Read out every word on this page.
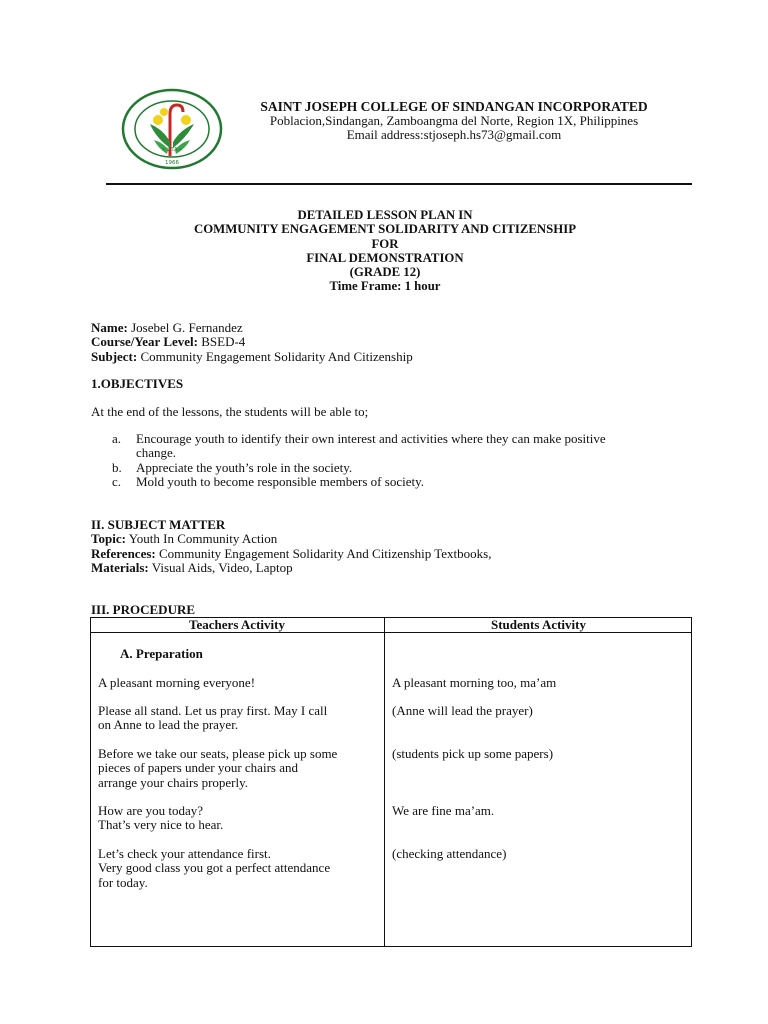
• VITA •
1966
SAINT JOSEPH COLLEGE OF SINDANGAN INCORPORATED
Poblacion,Sindangan, Zamboangma del Norte, Region 1X, Philippines
Email address:stjoseph.hs73@gmail.com
DETAILED LESSON PLAN IN
COMMUNITY ENGAGEMENT SOLIDARITY AND CITIZENSHIP
FOR
FINAL DEMONSTRATION
(GRADE 12)
Time Frame: 1 hour
Name: Josebel G. Fernandez
Course/Year Level: BSED-4
Subject: Community Engagement Solidarity And Citizenship
1.OBJECTIVES
At the end of the lessons, the students will be able to;
a. Encourage youth to identify their own interest and activities where they can make positive change.
b. Appreciate the youth’s role in the society.
c. Mold youth to become responsible members of society.
II. SUBJECT MATTER
Topic: Youth In Community Action
References: Community Engagement Solidarity And Citizenship Textbooks,
Materials: Visual Aids, Video, Laptop
III. PROCEDURE
Teachers Activity	Students Activity
A. Preparation
A pleasant morning everyone!	A pleasant morning too, ma’am
Please all stand. Let us pray first. May I call
on Anne to lead the prayer.
(Anne will lead the prayer)
Before we take our seats, please pick up some
pieces of papers under your chairs and
arrange your chairs properly.
(students pick up some papers)
How are you today?
That’s very nice to hear.
We are fine ma’am.
Let’s check your attendance first.
Very good class you got a perfect attendance
for today.
(checking attendance)
